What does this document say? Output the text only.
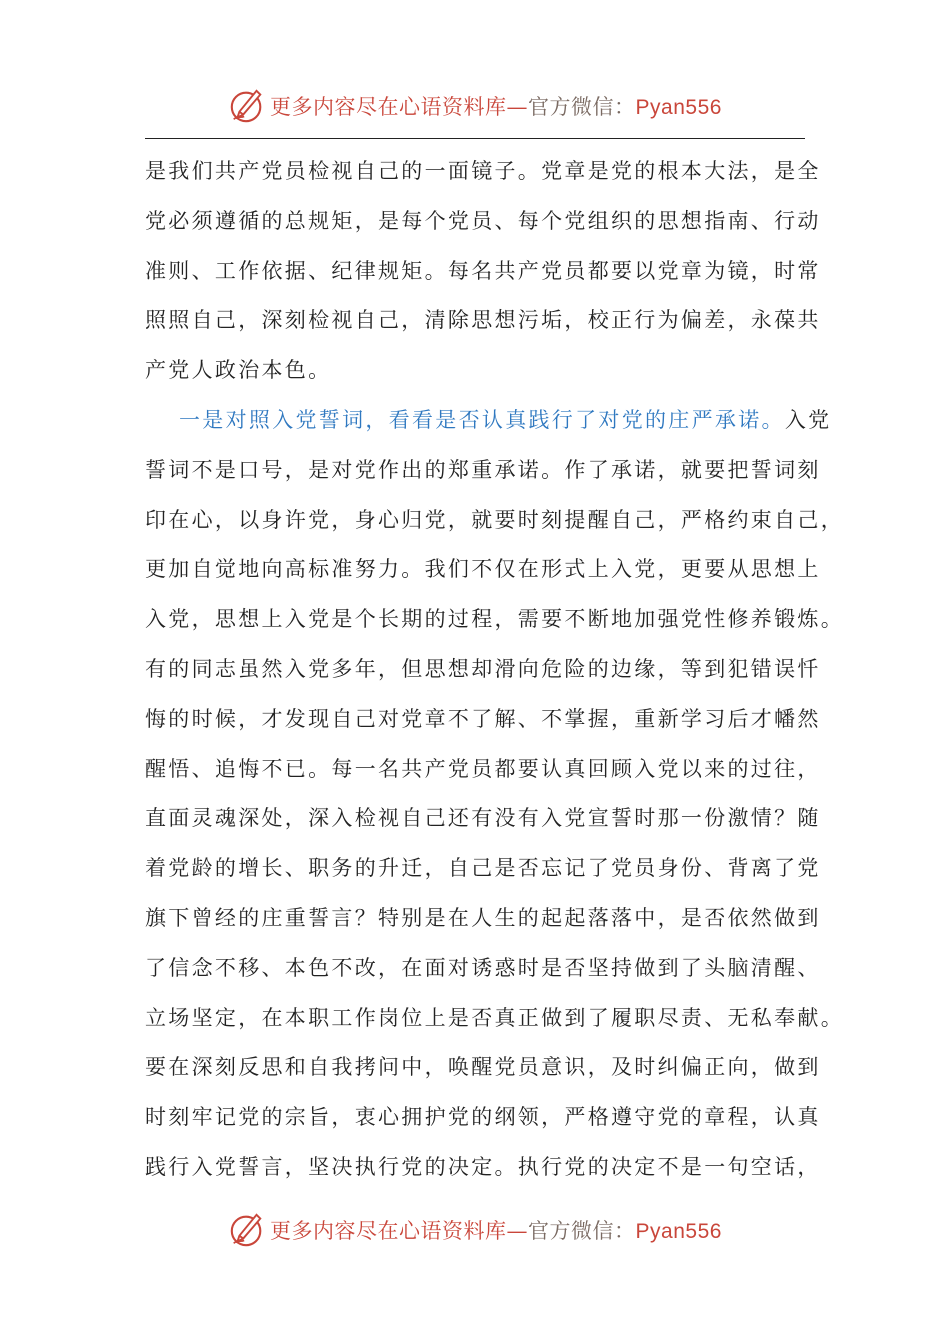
更多内容尽在心语资料库—官方微信：Pyan556
是我们共产党员检视自己的一面镜子。党章是党的根本大法，是全
党必须遵循的总规矩，是每个党员、每个党组织的思想指南、行动
准则、工作依据、纪律规矩。每名共产党员都要以党章为镜，时常
照照自己，深刻检视自己，清除思想污垢，校正行为偏差，永葆共
产党人政治本色。
一是对照入党誓词，看看是否认真践行了对党的庄严承诺。入党
誓词不是口号，是对党作出的郑重承诺。作了承诺，就要把誓词刻
印在心，以身许党，身心归党，就要时刻提醒自己，严格约束自己，
更加自觉地向高标准努力。我们不仅在形式上入党，更要从思想上
入党，思想上入党是个长期的过程，需要不断地加强党性修养锻炼。
有的同志虽然入党多年，但思想却滑向危险的边缘，等到犯错误忏
悔的时候，才发现自己对党章不了解、不掌握，重新学习后才幡然
醒悟、追悔不已。每一名共产党员都要认真回顾入党以来的过往，
直面灵魂深处，深入检视自己还有没有入党宣誓时那一份激情？随
着党龄的增长、职务的升迁，自己是否忘记了党员身份、背离了党
旗下曾经的庄重誓言？特别是在人生的起起落落中，是否依然做到
了信念不移、本色不改，在面对诱惑时是否坚持做到了头脑清醒、
立场坚定，在本职工作岗位上是否真正做到了履职尽责、无私奉献。
要在深刻反思和自我拷问中，唤醒党员意识，及时纠偏正向，做到
时刻牢记党的宗旨，衷心拥护党的纲领，严格遵守党的章程，认真
践行入党誓言，坚决执行党的决定。执行党的决定不是一句空话，
更多内容尽在心语资料库—官方微信：Pyan556
